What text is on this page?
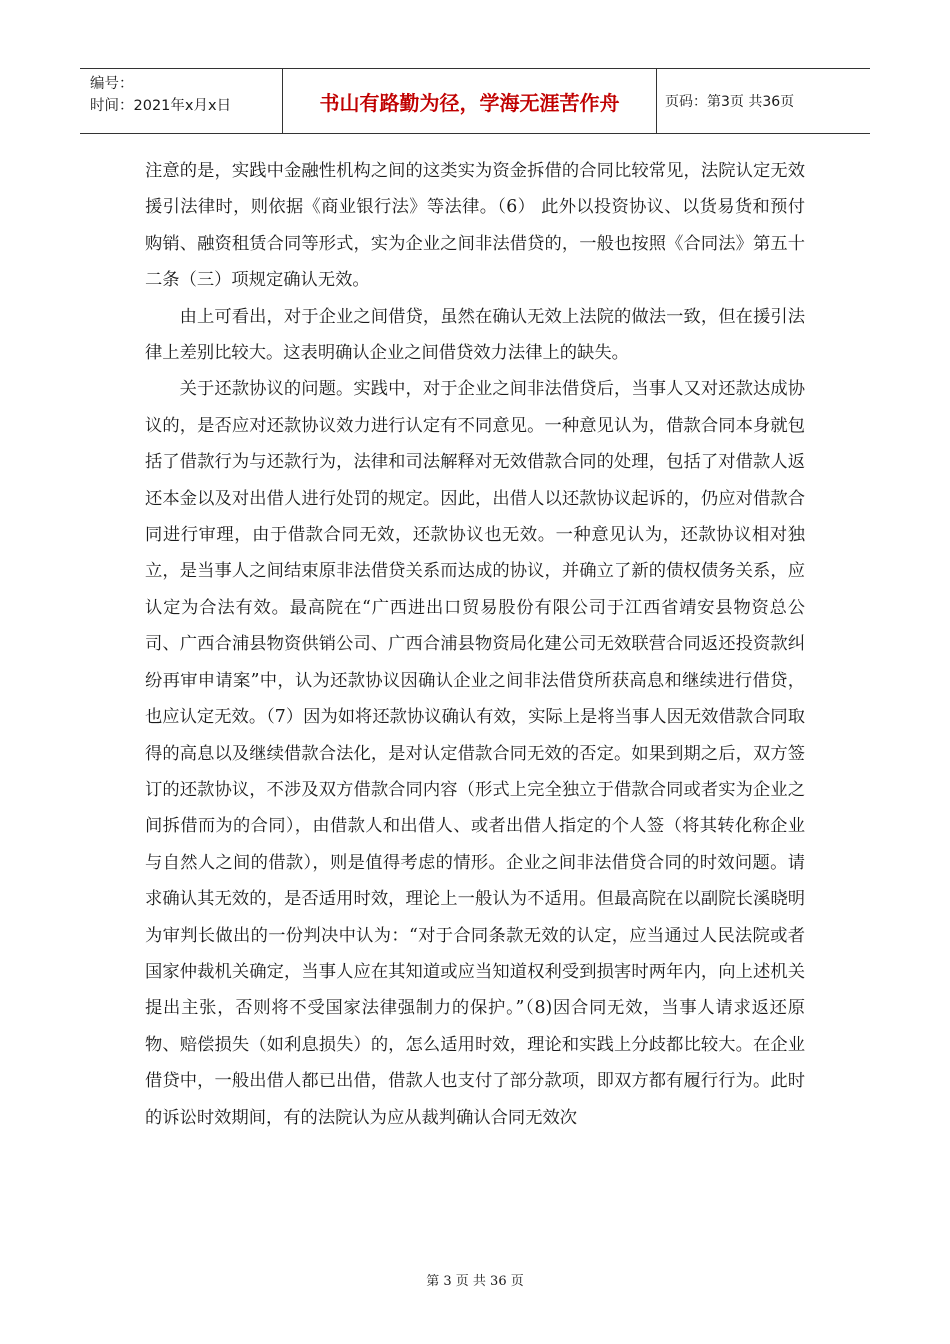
编号：
时间：2021年x月x日	书山有路勤为径，学海无涯苦作舟	页码：第3页 共36页

注意的是，实践中金融性机构之间的这类实为资金拆借的合同比较常见，法院认定无效援引法律时，则依据《商业银行法》等法律。（6） 此外以投资协议、以货易货和预付购销、融资租赁合同等形式，实为企业之间非法借贷的，一般也按照《合同法》第五十二条（三）项规定确认无效。

由上可看出，对于企业之间借贷，虽然在确认无效上法院的做法一致，但在援引法律上差别比较大。这表明确认企业之间借贷效力法律上的缺失。

关于还款协议的问题。实践中，对于企业之间非法借贷后，当事人又对还款达成协议的，是否应对还款协议效力进行认定有不同意见。一种意见认为，借款合同本身就包括了借款行为与还款行为，法律和司法解释对无效借款合同的处理，包括了对借款人返还本金以及对出借人进行处罚的规定。因此，出借人以还款协议起诉的，仍应对借款合同进行审理，由于借款合同无效，还款协议也无效。一种意见认为，还款协议相对独立，是当事人之间结束原非法借贷关系而达成的协议，并确立了新的债权债务关系，应认定为合法有效。最高院在“广西进出口贸易股份有限公司于江西省靖安县物资总公司、广西合浦县物资供销公司、广西合浦县物资局化建公司无效联营合同返还投资款纠纷再审申请案”中，认为还款协议因确认企业之间非法借贷所获高息和继续进行借贷，也应认定无效。（7）因为如将还款协议确认有效，实际上是将当事人因无效借款合同取得的高息以及继续借款合法化，是对认定借款合同无效的否定。如果到期之后，双方签订的还款协议，不涉及双方借款合同内容（形式上完全独立于借款合同或者实为企业之间拆借而为的合同），由借款人和出借人、或者出借人指定的个人签（将其转化称企业与自然人之间的借款），则是值得考虑的情形。企业之间非法借贷合同的时效问题。请求确认其无效的，是否适用时效，理论上一般认为不适用。但最高院在以副院长溪晓明为审判长做出的一份判决中认为：“对于合同条款无效的认定，应当通过人民法院或者国家仲裁机关确定，当事人应在其知道或应当知道权利受到损害时两年内，向上述机关提出主张，否则将不受国家法律强制力的保护。”（8)因合同无效，当事人请求返还原物、赔偿损失（如利息损失）的，怎么适用时效，理论和实践上分歧都比较大。在企业借贷中，一般出借人都已出借，借款人也支付了部分款项，即双方都有履行行为。此时的诉讼时效期间，有的法院认为应从裁判确认合同无效次

第 3 页 共 36 页
